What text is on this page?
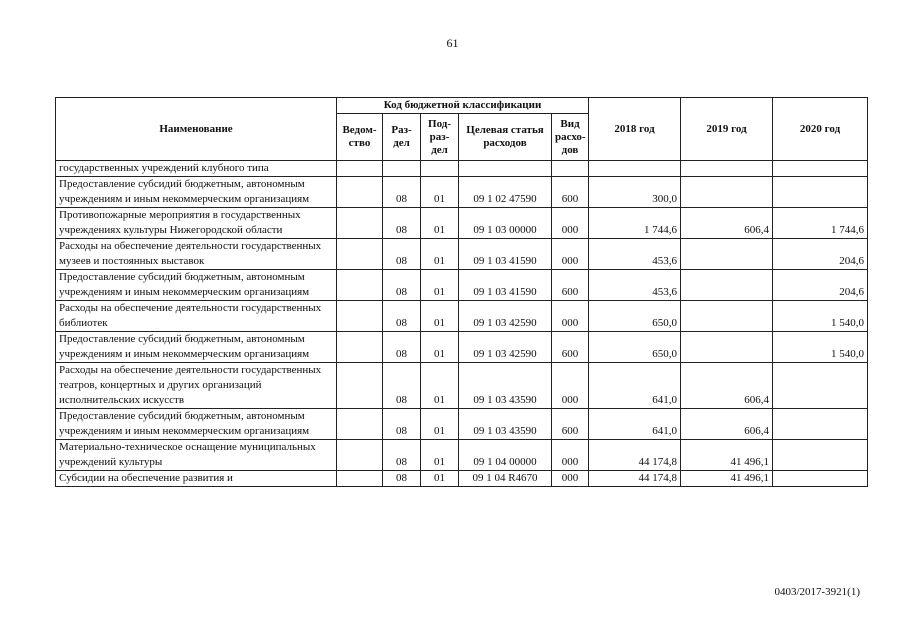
61
Наименование	Код бюджетной классификации					2018 год	2019 год	2020 год
	Ведом-ство	Раз-дел	Под-раз-дел	Целевая статья расходов	Вид расхо-дов			
государственных учреждений клубного типа								
Предоставление субсидий бюджетным, автономным учреждениям и иным некоммерческим организациям		08	01	09 1 02 47590	600	300,0		
Противопожарные мероприятия в государственных учреждениях культуры Нижегородской области		08	01	09 1 03 00000	000	1 744,6	606,4	1 744,6
Расходы на обеспечение деятельности государственных музеев и постоянных выставок		08	01	09 1 03 41590	000	453,6		204,6
Предоставление субсидий бюджетным, автономным учреждениям и иным некоммерческим организациям		08	01	09 1 03 41590	600	453,6		204,6
Расходы на обеспечение деятельности государственных библиотек		08	01	09 1 03 42590	000	650,0		1 540,0
Предоставление субсидий бюджетным, автономным учреждениям и иным некоммерческим организациям		08	01	09 1 03 42590	600	650,0		1 540,0
Расходы на обеспечение деятельности государственных театров, концертных и других организаций исполнительских искусств		08	01	09 1 03 43590	000	641,0	606,4	
Предоставление субсидий бюджетным, автономным учреждениям и иным некоммерческим организациям		08	01	09 1 03 43590	600	641,0	606,4	
Материально-техническое оснащение муниципальных учреждений культуры		08	01	09 1 04 00000	000	44 174,8	41 496,1	
Субсидии на обеспечение развития и		08	01	09 1 04 R4670	000	44 174,8	41 496,1	
0403/2017-3921(1)
